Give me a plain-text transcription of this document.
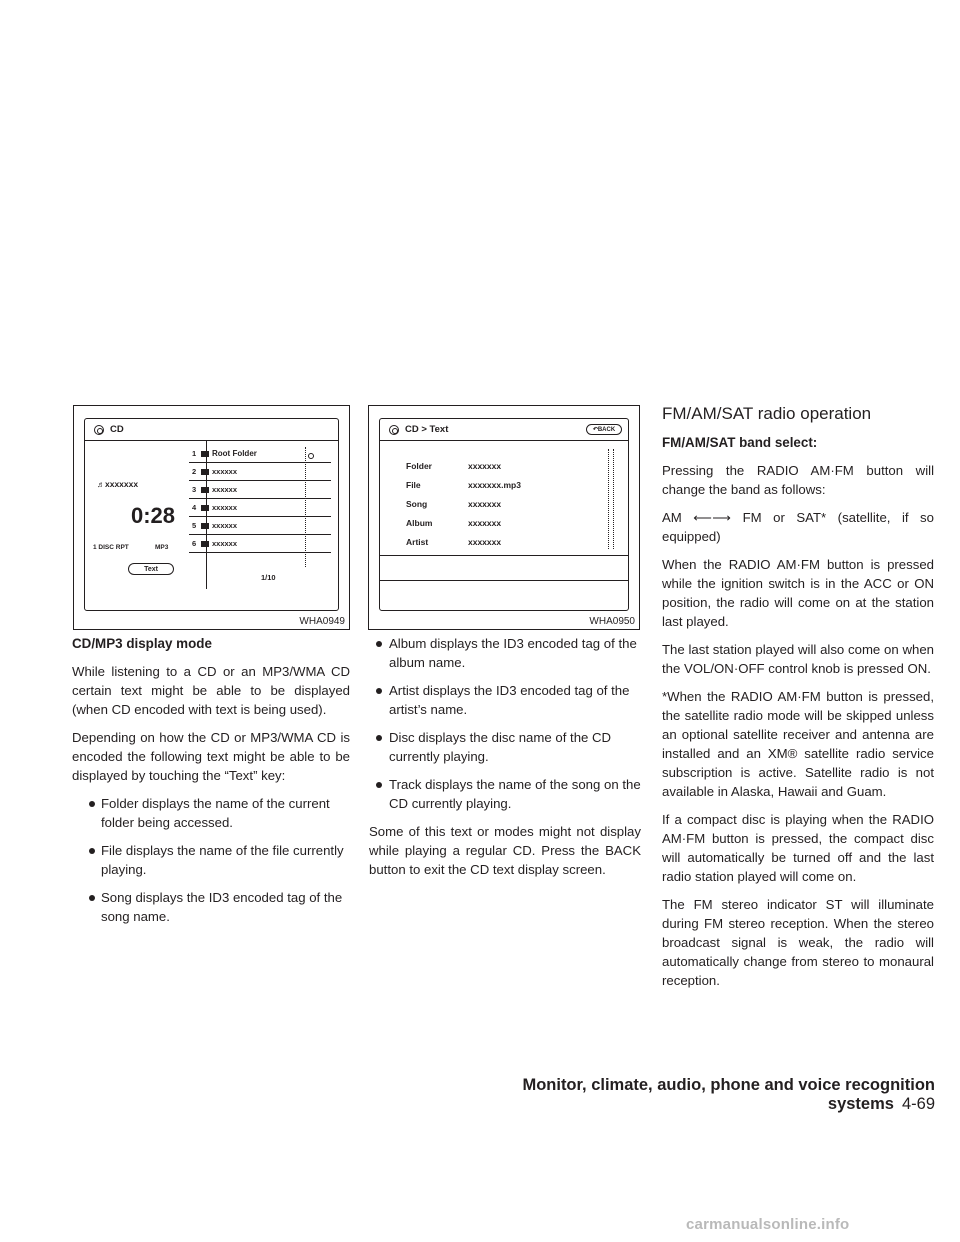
CD
♬xxxxxxx
0:28
1 DISC RPT	MP3
Text
1 Root Folder
2 xxxxxx
3 xxxxxx
4 xxxxxx
5 xxxxxx
6 xxxxxx
1/10
WHA0949
CD > Text	↶BACK
Folder	xxxxxxx
File	xxxxxxx.mp3
Song	xxxxxxx
Album	xxxxxxx
Artist	xxxxxxx
WHA0950
CD/MP3 display mode

While listening to a CD or an MP3/WMA CD certain text might be able to be displayed (when CD encoded with text is being used).

Depending on how the CD or MP3/WMA CD is encoded the following text might be able to be displayed by touching the “Text” key:

Folder displays the name of the current folder being accessed.
File displays the name of the file currently playing.
Song displays the ID3 encoded tag of the song name.
Album displays the ID3 encoded tag of the album name.
Artist displays the ID3 encoded tag of the artist’s name.
Disc displays the disc name of the CD currently playing.
Track displays the name of the song on the CD currently playing.

Some of this text or modes might not display while playing a regular CD. Press the BACK button to exit the CD text display screen.

FM/AM/SAT radio operation
FM/AM/SAT band select:

Pressing the RADIO AM·FM button will change the band as follows:

AM ⟵⟶ FM or SAT* (satellite, if so equipped)

When the RADIO AM·FM button is pressed while the ignition switch is in the ACC or ON position, the radio will come on at the station last played.

The last station played will also come on when the VOL/ON·OFF control knob is pressed ON.

*When the RADIO AM·FM button is pressed, the satellite radio mode will be skipped unless an optional satellite receiver and antenna are installed and an XM® satellite radio service subscription is active. Satellite radio is not available in Alaska, Hawaii and Guam.

If a compact disc is playing when the RADIO AM·FM button is pressed, the compact disc will automatically be turned off and the last radio station played will come on.

The FM stereo indicator ST will illuminate during FM stereo reception. When the stereo broadcast signal is weak, the radio will automatically change from stereo to monaural reception.

Monitor, climate, audio, phone and voice recognition systems 4-69
carmanualsonline.info
